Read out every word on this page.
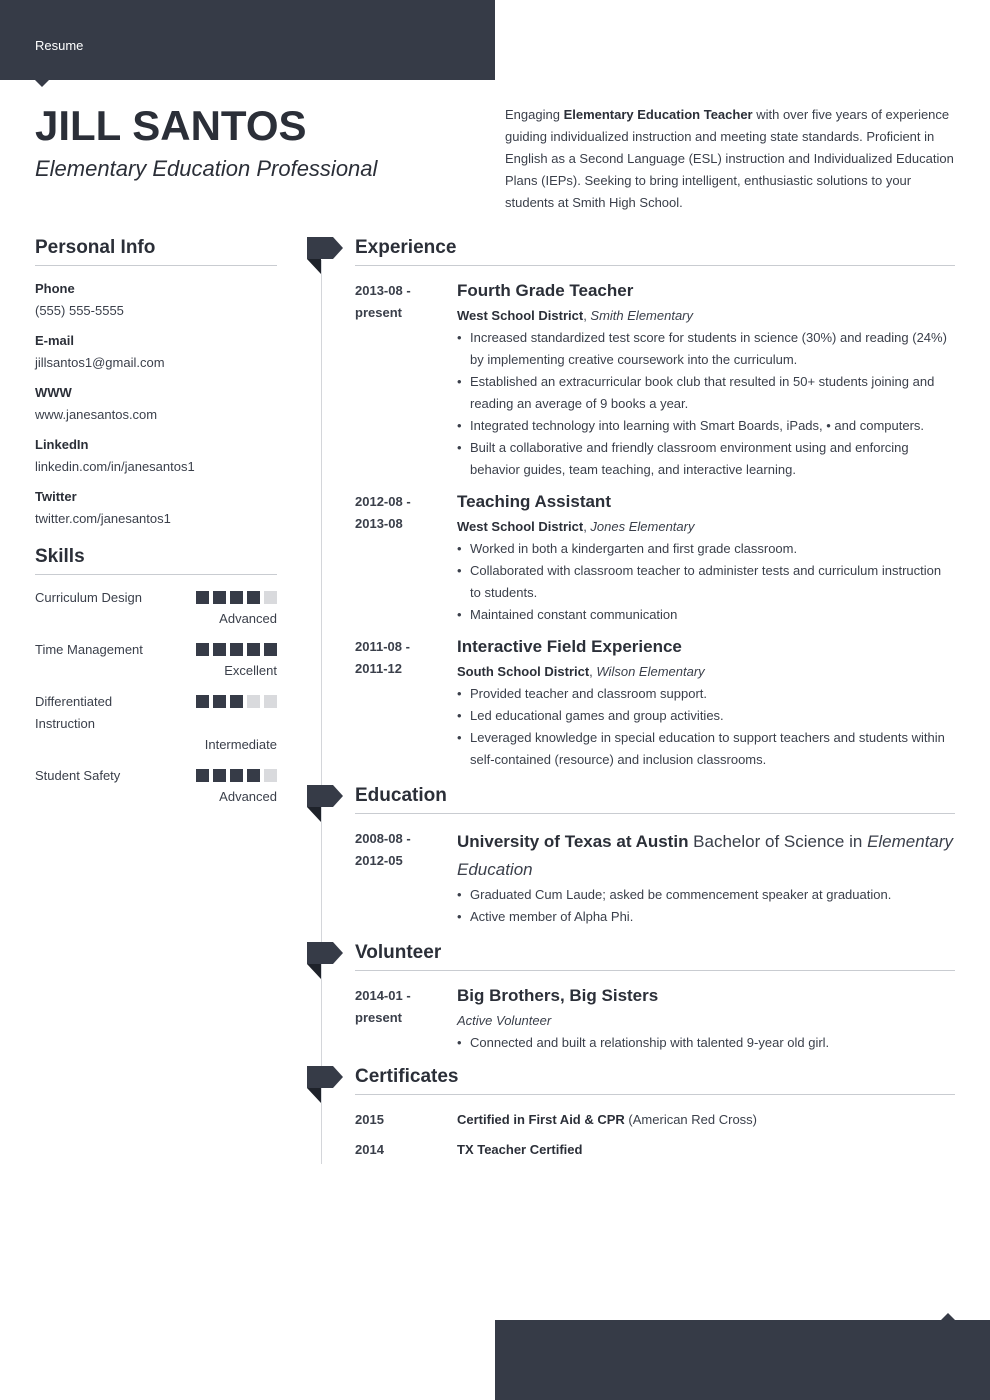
Resume
JILL SANTOS
Elementary Education Professional
Engaging Elementary Education Teacher with over five years of experience guiding individualized instruction and meeting state standards. Proficient in English as a Second Language (ESL) instruction and Individualized Education Plans (IEPs). Seeking to bring intelligent, enthusiastic solutions to your students at Smith High School.
Personal Info
Phone
(555) 555-5555
E-mail
jillsantos1@gmail.com
WWW
www.janesantos.com
LinkedIn
linkedin.com/in/janesantos1
Twitter
twitter.com/janesantos1
Skills
Curriculum Design
Advanced
Time Management
Excellent
Differentiated Instruction
Intermediate
Student Safety
Advanced
Experience
2013-08 -
present
Fourth Grade Teacher
West School District, Smith Elementary
• Increased standardized test score for students in science (30%) and reading (24%) by implementing creative coursework into the curriculum.
• Established an extracurricular book club that resulted in 50+ students joining and reading an average of 9 books a year.
• Integrated technology into learning with Smart Boards, iPads, • and computers.
• Built a collaborative and friendly classroom environment using and enforcing behavior guides, team teaching, and interactive learning.
2012-08 -
2013-08
Teaching Assistant
West School District, Jones Elementary
• Worked in both a kindergarten and first grade classroom.
• Collaborated with classroom teacher to administer tests and curriculum instruction to students.
• Maintained constant communication
2011-08 -
2011-12
Interactive Field Experience
South School District, Wilson Elementary
• Provided teacher and classroom support.
• Led educational games and group activities.
• Leveraged knowledge in special education to support teachers and students within self-contained (resource) and inclusion classrooms.
Education
2008-08 -
2012-05
University of Texas at Austin Bachelor of Science in Elementary Education
• Graduated Cum Laude; asked be commencement speaker at graduation.
• Active member of Alpha Phi.
Volunteer
2014-01 -
present
Big Brothers, Big Sisters
Active Volunteer
• Connected and built a relationship with talented 9-year old girl.
Certificates
2015	Certified in First Aid & CPR (American Red Cross)
2014	TX Teacher Certified
